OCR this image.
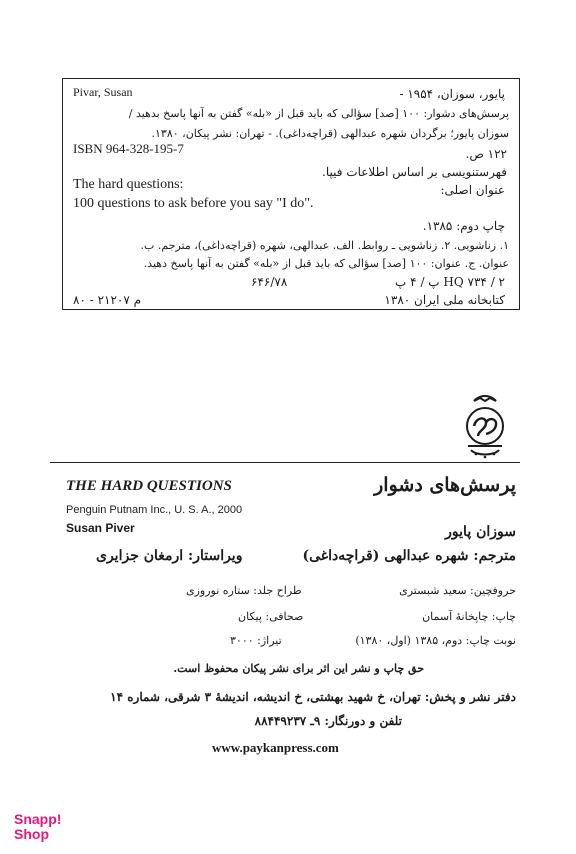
Pivar, Susan	پایور، سوزان، ۱۹۵۴ -
پرسش‌های دشوار: ۱۰۰ [صد] سؤالی که باید قبل از «بله» گفتن به آنها پاسخ بدهید /
سوزان پایور؛ برگردان شهره عبدالهی (قراچه‌داغی). - تهران: نشر پیکان، ۱۳۸۰.
ISBN 964-328-195-7	۱۲۲ ص.
فهرستنویسی بر اساس اطلاعات فیپا.
The hard questions:	عنوان اصلی:
100 questions to ask before you say "I do".
چاپ دوم: ۱۳۸۵.
۱. زناشویی. ۲. زناشویی ـ روابط. الف. عبدالهی، شهره (قراچه‌داغی)، مترجم. ب.
عنوان. ج. عنوان: ۱۰۰ [صد] سؤالی که باید قبل از «بله» گفتن به آنها پاسخ دهید.
HQ ۷۳۴ / ۲ پ / ۴ پ
۶۴۶/۷۸
م ۲۱۲۰۷ - ۸۰	کتابخانه ملی ایران ۱۳۸۰
THE HARD QUESTIONS	پرسش‌های دشوار
Penguin Putnam Inc., U. S. A., 2000
Susan Piver	سوزان پایور
مترجم: شهره عبدالهی (قراچه‌داغی)
ویراستار: ارمغان جزایری
حروفچین: سعید شبستری
طراح جلد: ستاره نوروزی
چاپ: چاپخانهٔ آسمان
صحافی: پیکان
نوبت چاپ: دوم، ۱۳۸۵ (اول، ۱۳۸۰)
تیراژ: ۳۰۰۰
حق چاپ و نشر این اثر برای نشر پیکان محفوظ است.
دفتر نشر و پخش: تهران، خ شهید بهشتی، خ اندیشه، اندیشهٔ ۳ شرقی، شماره ۱۴
تلفن و دورنگار: ۹ـ ۸۸۴۴۹۲۳۷
www.paykanpress.com
Snapp!
Shop
